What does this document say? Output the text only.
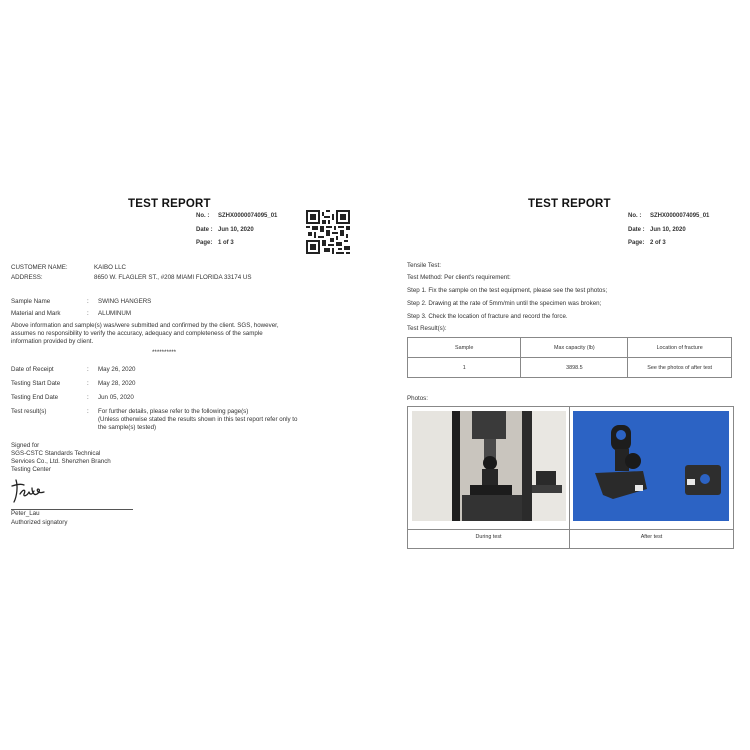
TEST REPORT
No. : SZHX0000074095_01
Date : Jun 10, 2020
Page: 1 of 3
CUSTOMER NAME:	KAIBO LLC
ADDRESS:	8650 W. FLAGLER ST., #208 MIAMI FLORIDA 33174 US
Sample Name	: SWING HANGERS
Material and Mark	: ALUMINUM
Above information and sample(s) was/were submitted and confirmed by the client. SGS, however,
assumes no responsibility to verify the accuracy, adequacy and completeness of the sample
information provided by client.
**********
Date of Receipt	: May 26, 2020
Testing Start Date	: May 28, 2020
Testing End Date	: Jun 05, 2020
Test result(s)	: For further details, please refer to the following page(s)
(Unless otherwise stated the results shown in this test report refer only to
the sample(s) tested)
Signed for
SGS-CSTC Standards Technical
Services Co., Ltd. Shenzhen Branch
Testing Center
Peter_Lau
Authorized signatory
TEST REPORT
No. : SZHX0000074095_01
Date : Jun 10, 2020
Page: 2 of 3
Tensile Test:
Test Method: Per client's requirement:
Step 1. Fix the sample on the test equipment, please see the test photos;
Step 2. Drawing at the rate of 5mm/min until the specimen was broken;
Step 3. Check the location of fracture and record the force.
Test Result(s):
Sample	Max capacity (lb)	Location of fracture
1	3898.5	See the photos of after test
Photos:
During test	After test
